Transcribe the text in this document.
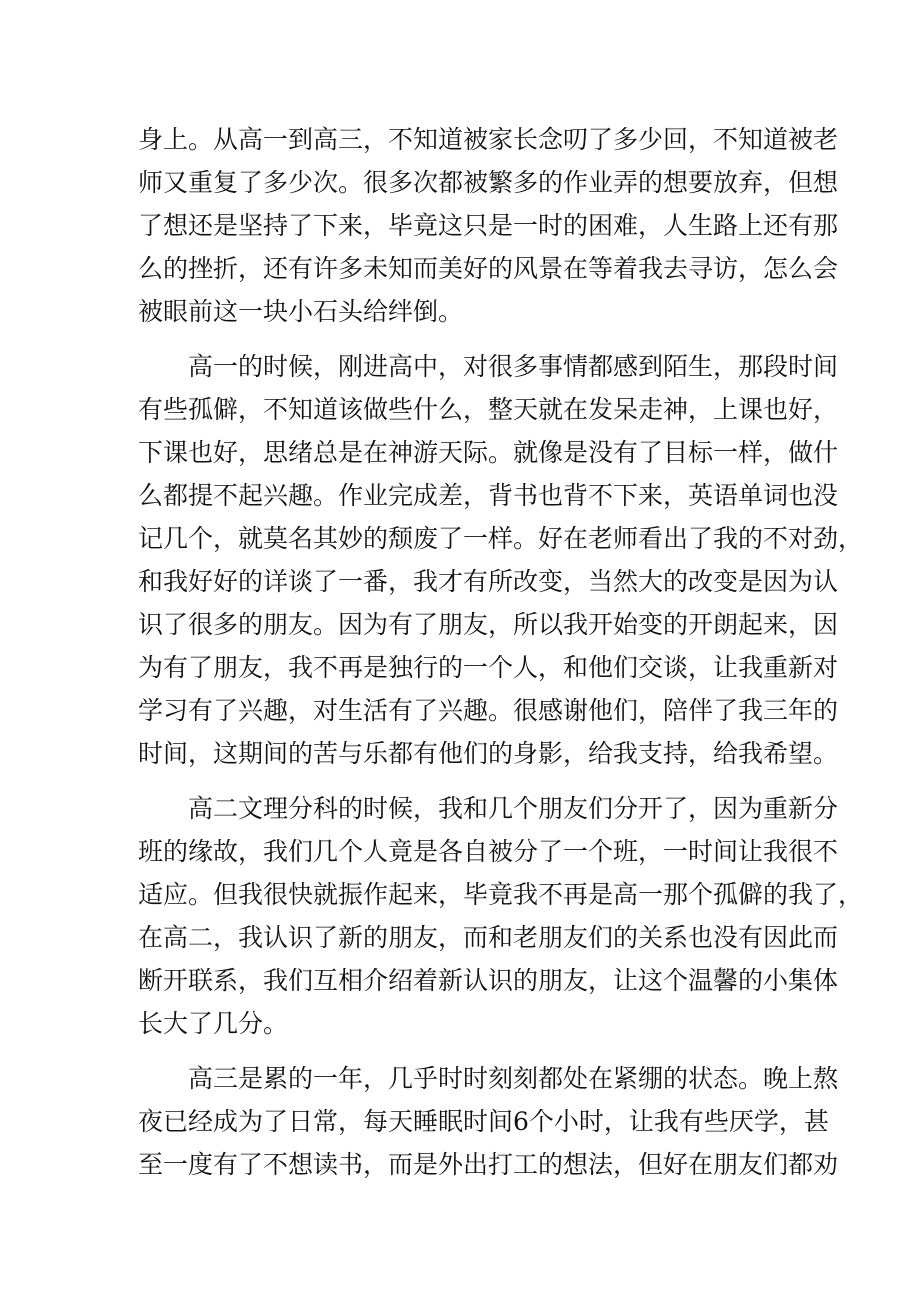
身上。从高一到高三，不知道被家长念叨了多少回，不知道被老

师又重复了多少次。很多次都被繁多的作业弄的想要放弃，但想

了想还是坚持了下来，毕竟这只是一时的困难，人生路上还有那

么的挫折，还有许多未知而美好的风景在等着我去寻访，怎么会

被眼前这一块小石头给绊倒。

高一的时候，刚进高中，对很多事情都感到陌生，那段时间

有些孤僻，不知道该做些什么，整天就在发呆走神，上课也好，

下课也好，思绪总是在神游天际。就像是没有了目标一样，做什

么都提不起兴趣。作业完成差，背书也背不下来，英语单词也没

记几个，就莫名其妙的颓废了一样。好在老师看出了我的不对劲，

和我好好的详谈了一番，我才有所改变，当然大的改变是因为认

识了很多的朋友。因为有了朋友，所以我开始变的开朗起来，因

为有了朋友，我不再是独行的一个人，和他们交谈，让我重新对

学习有了兴趣，对生活有了兴趣。很感谢他们，陪伴了我三年的

时间，这期间的苦与乐都有他们的身影，给我支持，给我希望。

高二文理分科的时候，我和几个朋友们分开了，因为重新分

班的缘故，我们几个人竟是各自被分了一个班，一时间让我很不

适应。但我很快就振作起来，毕竟我不再是高一那个孤僻的我了，

在高二，我认识了新的朋友，而和老朋友们的关系也没有因此而

断开联系，我们互相介绍着新认识的朋友，让这个温馨的小集体

长大了几分。

高三是累的一年，几乎时时刻刻都处在紧绷的状态。晚上熬

夜已经成为了日常，每天睡眠时间6个小时，让我有些厌学，甚

至一度有了不想读书，而是外出打工的想法，但好在朋友们都劝
